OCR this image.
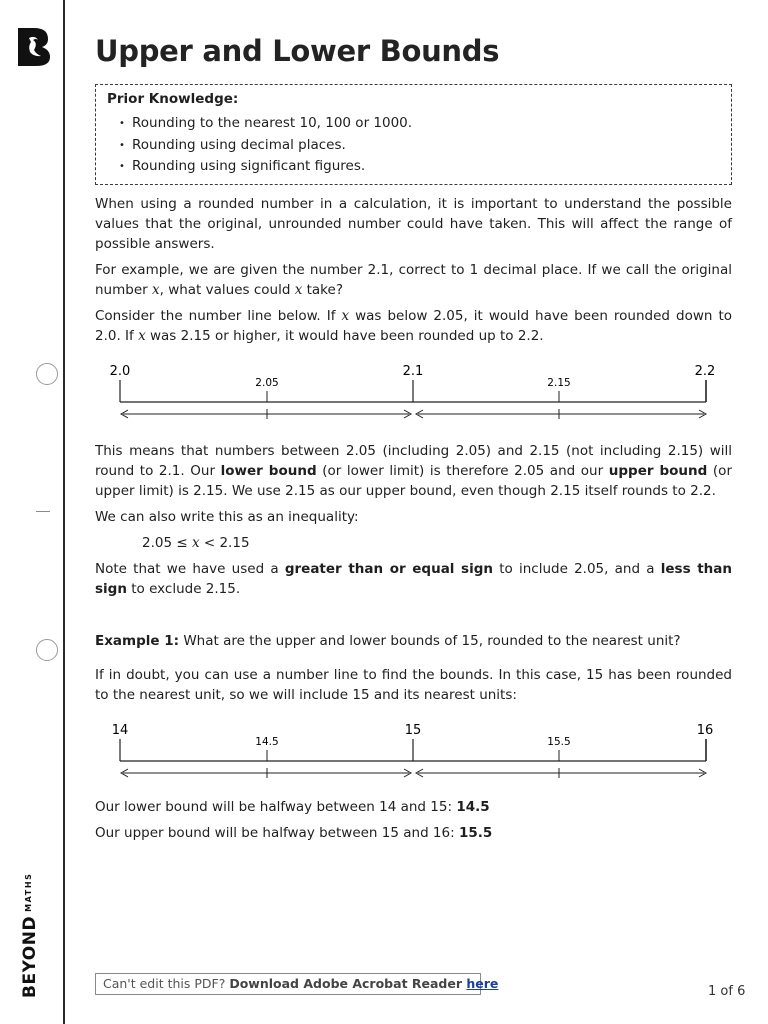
$BEYOND^{MATHS}$
Upper and Lower Bounds
Prior Knowledge:
• Rounding to the nearest 10, 100 or 1000.
• Rounding using decimal places.
• Rounding using significant figures.

When using a rounded number in a calculation, it is important to understand the possible values that the original, unrounded number could have taken. This will affect the range of possible answers.

For example, we are given the number 2.1, correct to 1 decimal place. If we call the original number x, what values could x take?

Consider the number line below. If x was below 2.05, it would have been rounded down to 2.0. If x was 2.15 or higher, it would have been rounded up to 2.2.

2.0	2.1	2.2
2.05	2.15

This means that numbers between 2.05 (including 2.05) and 2.15 (not including 2.15) will round to 2.1. Our lower bound (or lower limit) is therefore 2.05 and our upper bound (or upper limit) is 2.15. We use 2.15 as our upper bound, even though 2.15 itself rounds to 2.2.

We can also write this as an inequality:

2.05 ≤ x < 2.15

Note that we have used a greater than or equal sign to include 2.05, and a less than sign to exclude 2.15.

Example 1: What are the upper and lower bounds of 15, rounded to the nearest unit?

If in doubt, you can use a number line to find the bounds. In this case, 15 has been rounded to the nearest unit, so we will include 15 and its nearest units:

14	15	16
14.5	15.5

Our lower bound will be halfway between 14 and 15: 14.5

Our upper bound will be halfway between 15 and 16: 15.5

Can't edit this PDF? Download Adobe Acrobat Reader here
1 of 6
